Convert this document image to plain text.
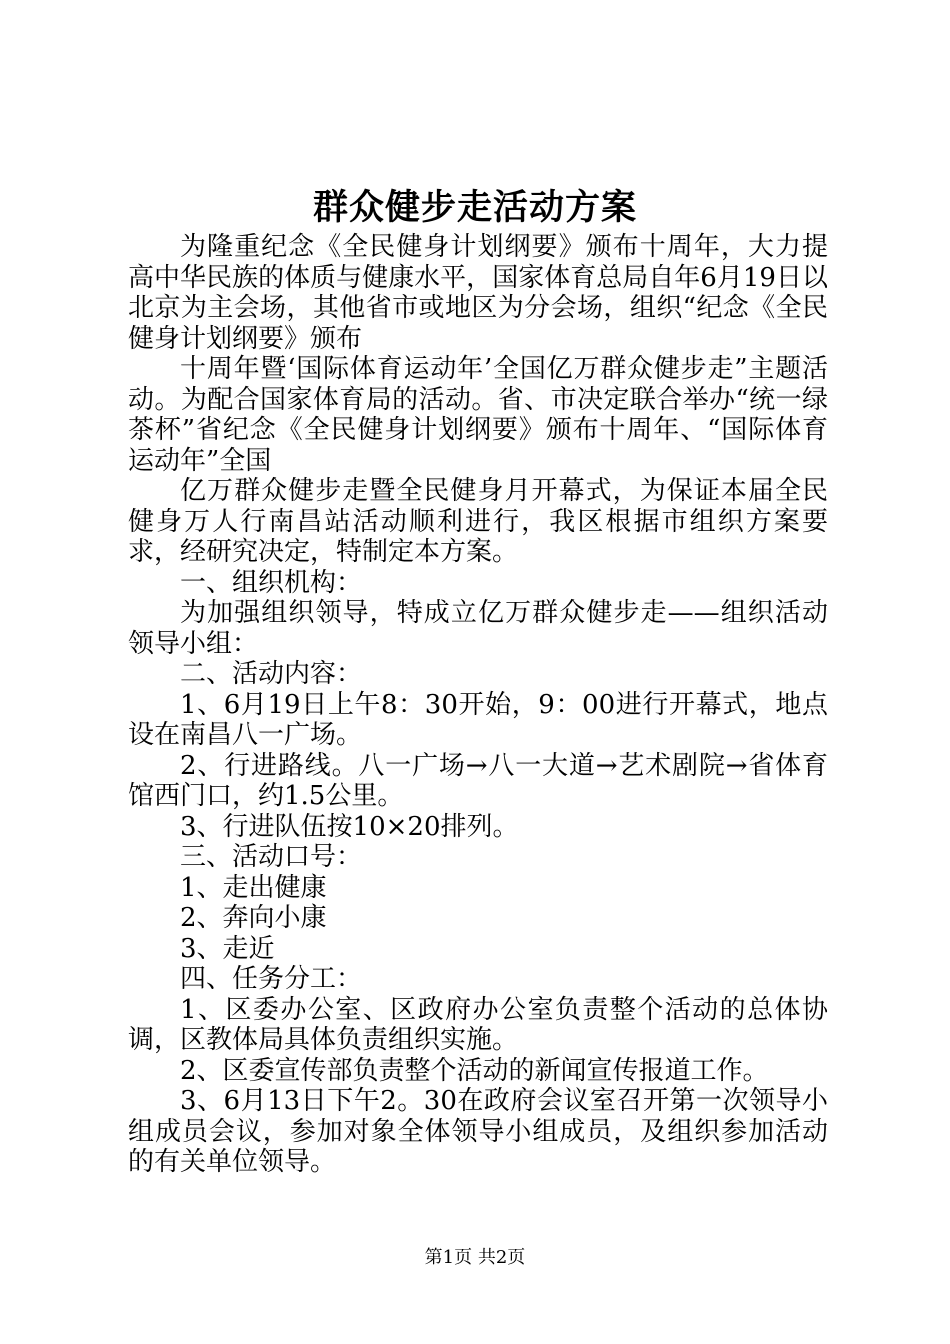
群众健步走活动方案

为隆重纪念《全民健身计划纲要》颁布十周年，大力提高中华民族的体质与健康水平，国家体育总局自年6月19日以北京为主会场，其他省市或地区为分会场，组织“纪念《全民健身计划纲要》颁布

十周年暨‘国际体育运动年’全国亿万群众健步走”主题活动。为配合国家体育局的活动。省、市决定联合举办“统一绿茶杯”省纪念《全民健身计划纲要》颁布十周年、“国际体育运动年”全国

亿万群众健步走暨全民健身月开幕式，为保证本届全民健身万人行南昌站活动顺利进行，我区根据市组织方案要求，经研究决定，特制定本方案。

一、组织机构：

为加强组织领导，特成立亿万群众健步走——组织活动领导小组：

二、活动内容：

1、6月19日上午8：30开始，9：00进行开幕式，地点设在南昌八一广场。

2、行进路线。八一广场→八一大道→艺术剧院→省体育馆西门口，约1.5公里。

3、行进队伍按10×20排列。

三、活动口号：

1、走出健康

2、奔向小康

3、走近

四、任务分工：

1、区委办公室、区政府办公室负责整个活动的总体协调，区教体局具体负责组织实施。

2、区委宣传部负责整个活动的新闻宣传报道工作。

3、6月13日下午2。30在政府会议室召开第一次领导小组成员会议，参加对象全体领导小组成员，及组织参加活动的有关单位领导。

第1页 共2页
